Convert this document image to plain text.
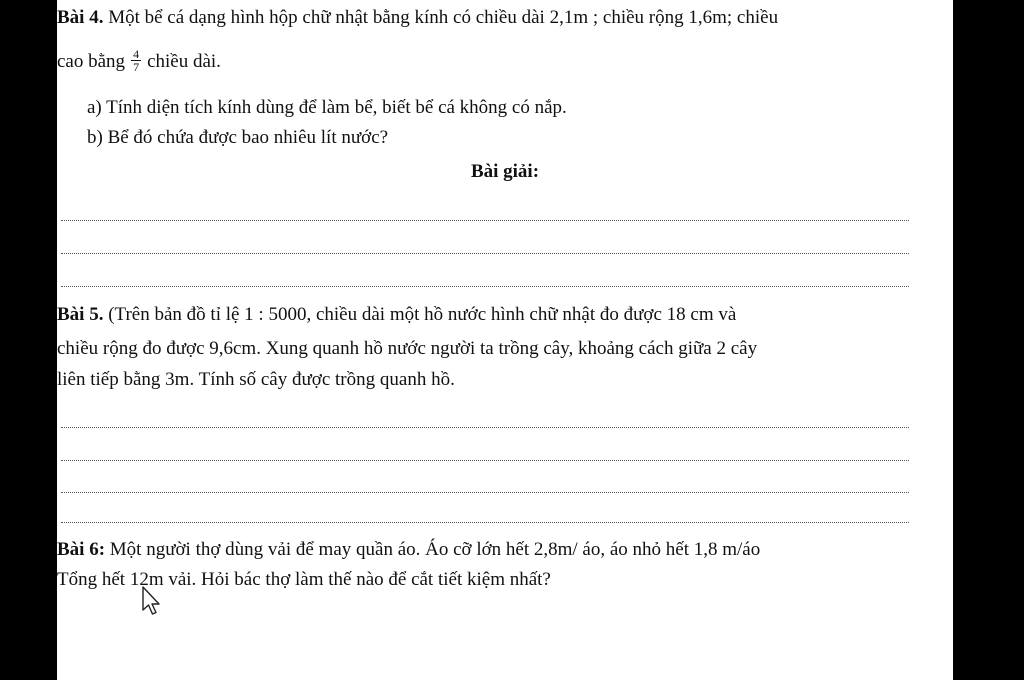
Bài 4. Một bể cá dạng hình hộp chữ nhật bằng kính có chiều dài 2,1m ; chiều rộng 1,6m; chiều
cao bằng $\frac{4}{7}$ chiều dài.
a) Tính diện tích kính dùng để làm bể, biết bể cá không có nắp.
b) Bể đó chứa được bao nhiêu lít nước?
Bài giải:
Bài 5. (Trên bản đồ tỉ lệ 1 : 5000, chiều dài một hồ nước hình chữ nhật đo được 18 cm và
chiều rộng đo được 9,6cm. Xung quanh hồ nước người ta trồng cây, khoảng cách giữa 2 cây
liên tiếp bằng 3m. Tính số cây được trồng quanh hồ.
Bài 6: Một người thợ dùng vải để may quần áo. Áo cỡ lớn hết 2,8m/ áo, áo nhỏ hết 1,8 m/áo
Tổng hết 12m vải. Hỏi bác thợ làm thế nào để cắt tiết kiệm nhất?
